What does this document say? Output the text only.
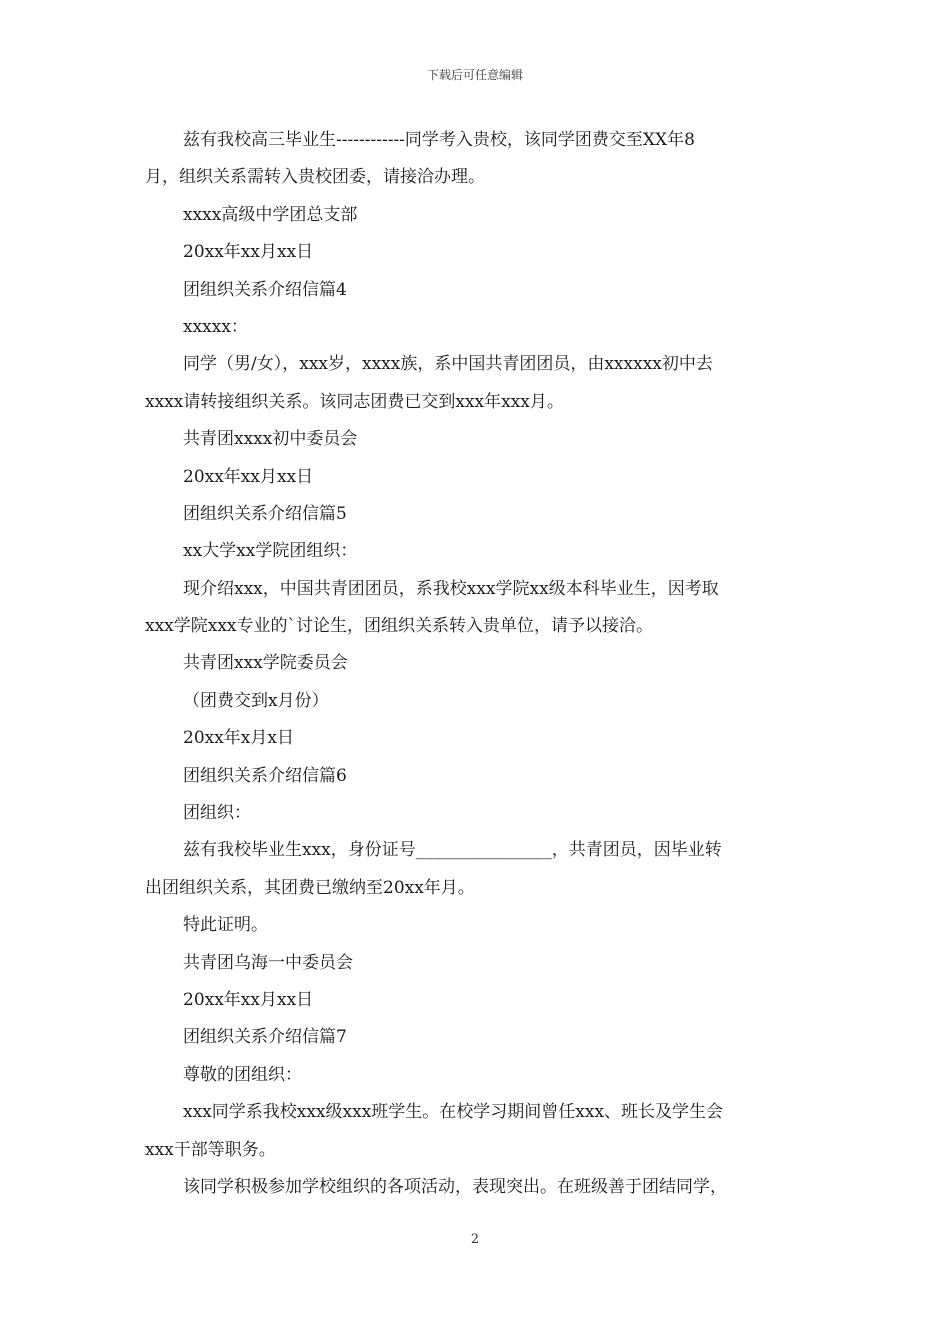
下载后可任意编辑
兹有我校高三毕业生------------同学考入贵校，该同学团费交至XX年8
月，组织关系需转入贵校团委，请接洽办理。
xxxx高级中学团总支部
20xx年xx月xx日
团组织关系介绍信篇4
xxxxx：
同学（男/女），xxx岁，xxxx族，系中国共青团团员，由xxxxxx初中去
xxxx请转接组织关系。该同志团费已交到xxx年xxx月。
共青团xxxx初中委员会
20xx年xx月xx日
团组织关系介绍信篇5
xx大学xx学院团组织：
现介绍xxx，中国共青团团员，系我校xxx学院xx级本科毕业生，因考取
xxx学院xxx专业的`讨论生，团组织关系转入贵单位，请予以接洽。
共青团xxx学院委员会
（团费交到x月份）
20xx年x月x日
团组织关系介绍信篇6
团组织：
兹有我校毕业生xxx，身份证号________________，共青团员，因毕业转
出团组织关系，其团费已缴纳至20xx年月。
特此证明。
共青团乌海一中委员会
20xx年xx月xx日
团组织关系介绍信篇7
尊敬的团组织：
xxx同学系我校xxx级xxx班学生。在校学习期间曾任xxx、班长及学生会
xxx干部等职务。
该同学积极参加学校组织的各项活动，表现突出。在班级善于团结同学，
2
